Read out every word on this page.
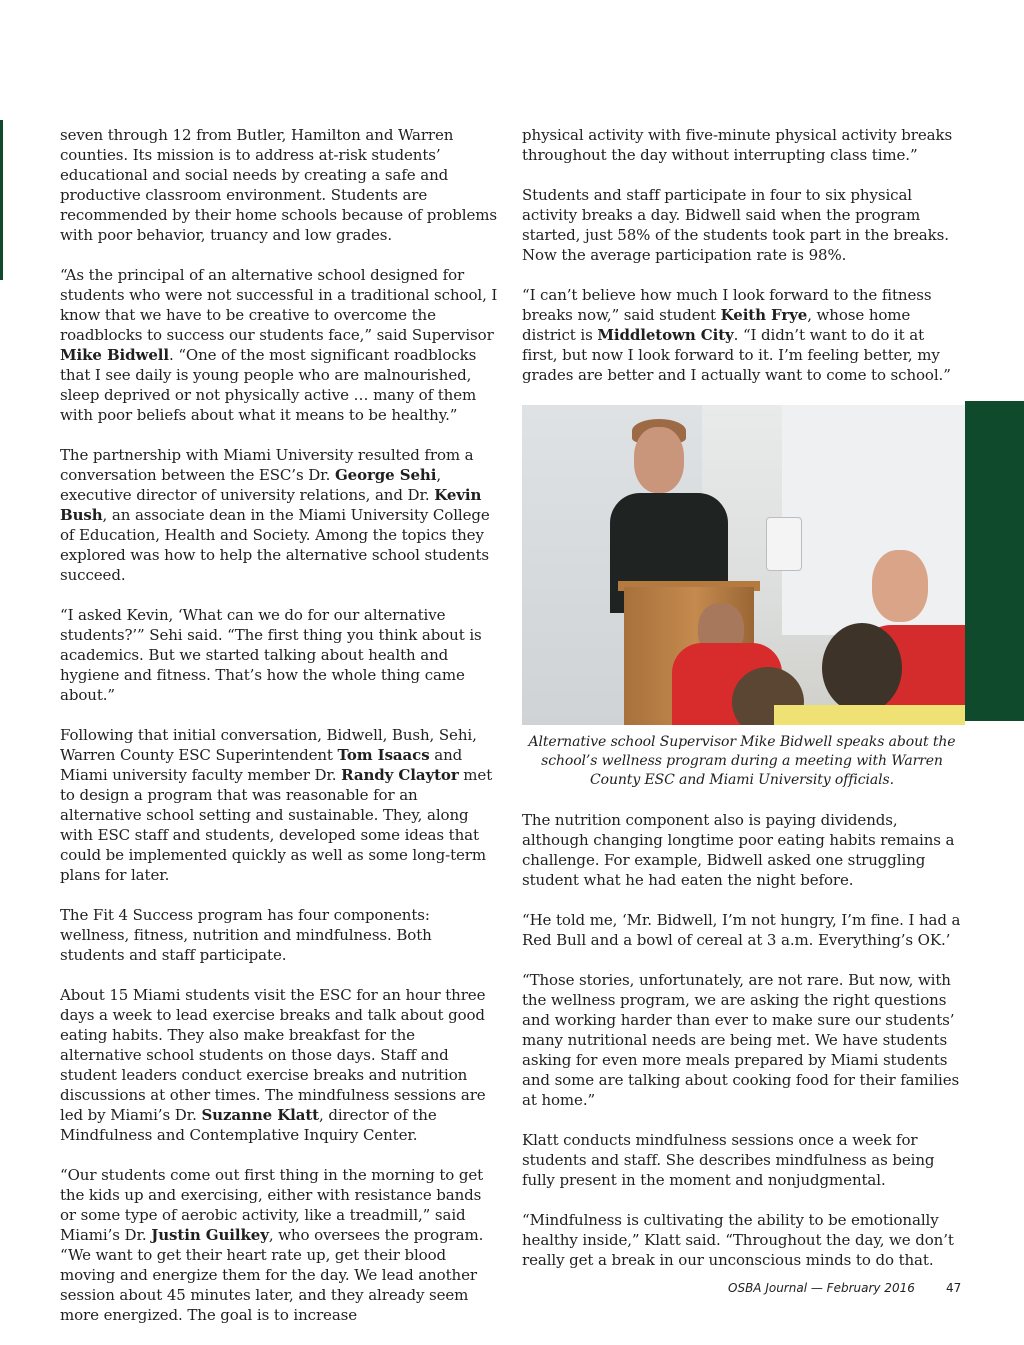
seven through 12 from Butler, Hamilton and Warren counties. Its mission is to address at-risk students’ educational and social needs by creating a safe and productive classroom environment. Students are recommended by their home schools because of problems with poor behavior, truancy and low grades.

“As the principal of an alternative school designed for students who were not successful in a traditional school, I know that we have to be creative to overcome the roadblocks to success our students face,” said Supervisor Mike Bidwell. “One of the most significant roadblocks that I see daily is young people who are malnourished, sleep deprived or not physically active … many of them with poor beliefs about what it means to be healthy.”

The partnership with Miami University resulted from a conversation between the ESC’s Dr. George Sehi, executive director of university relations, and Dr. Kevin Bush, an associate dean in the Miami University College of Education, Health and Society. Among the topics they explored was how to help the alternative school students succeed.

“I asked Kevin, ‘What can we do for our alternative students?’” Sehi said. “The first thing you think about is academics. But we started talking about health and hygiene and fitness. That’s how the whole thing came about.”

Following that initial conversation, Bidwell, Bush, Sehi, Warren County ESC Superintendent Tom Isaacs and Miami university faculty member Dr. Randy Claytor met to design a program that was reasonable for an alternative school setting and sustainable. They, along with ESC staff and students, developed some ideas that could be implemented quickly as well as some long-term plans for later.

The Fit 4 Success program has four components: wellness, fitness, nutrition and mindfulness. Both students and staff participate.

About 15 Miami students visit the ESC for an hour three days a week to lead exercise breaks and talk about good eating habits. They also make breakfast for the alternative school students on those days. Staff and student leaders conduct exercise breaks and nutrition discussions at other times. The mindfulness sessions are led by Miami’s Dr. Suzanne Klatt, director of the Mindfulness and Contemplative Inquiry Center.

“Our students come out first thing in the morning to get the kids up and exercising, either with resistance bands or some type of aerobic activity, like a treadmill,” said Miami’s Dr. Justin Guilkey, who oversees the program. “We want to get their heart rate up, get their blood moving and energize them for the day. We lead another session about 45 minutes later, and they already seem more energized. The goal is to increase

physical activity with five-minute physical activity breaks throughout the day without interrupting class time.”

Students and staff participate in four to six physical activity breaks a day. Bidwell said when the program started, just 58% of the students took part in the breaks. Now the average participation rate is 98%.

“I can’t believe how much I look forward to the fitness breaks now,” said student Keith Frye, whose home district is Middletown City. “I didn’t want to do it at first, but now I look forward to it. I’m feeling better, my grades are better and I actually want to come to school.”

Alternative school Supervisor Mike Bidwell speaks about the school’s wellness program during a meeting with Warren County ESC and Miami University officials.

The nutrition component also is paying dividends, although changing longtime poor eating habits remains a challenge. For example, Bidwell asked one struggling student what he had eaten the night before.

“He told me, ‘Mr. Bidwell, I’m not hungry, I’m fine. I had a Red Bull and a bowl of cereal at 3 a.m. Everything’s OK.’

“Those stories, unfortunately, are not rare. But now, with the wellness program, we are asking the right questions and working harder than ever to make sure our students’ many nutritional needs are being met. We have students asking for even more meals prepared by Miami students and some are talking about cooking food for their families at home.”

Klatt conducts mindfulness sessions once a week for students and staff. She describes mindfulness as being fully present in the moment and nonjudgmental.

“Mindfulness is cultivating the ability to be emotionally healthy inside,” Klatt said. “Throughout the day, we don’t really get a break in our unconscious minds to do that.

OSBA Journal — February 2016	47
